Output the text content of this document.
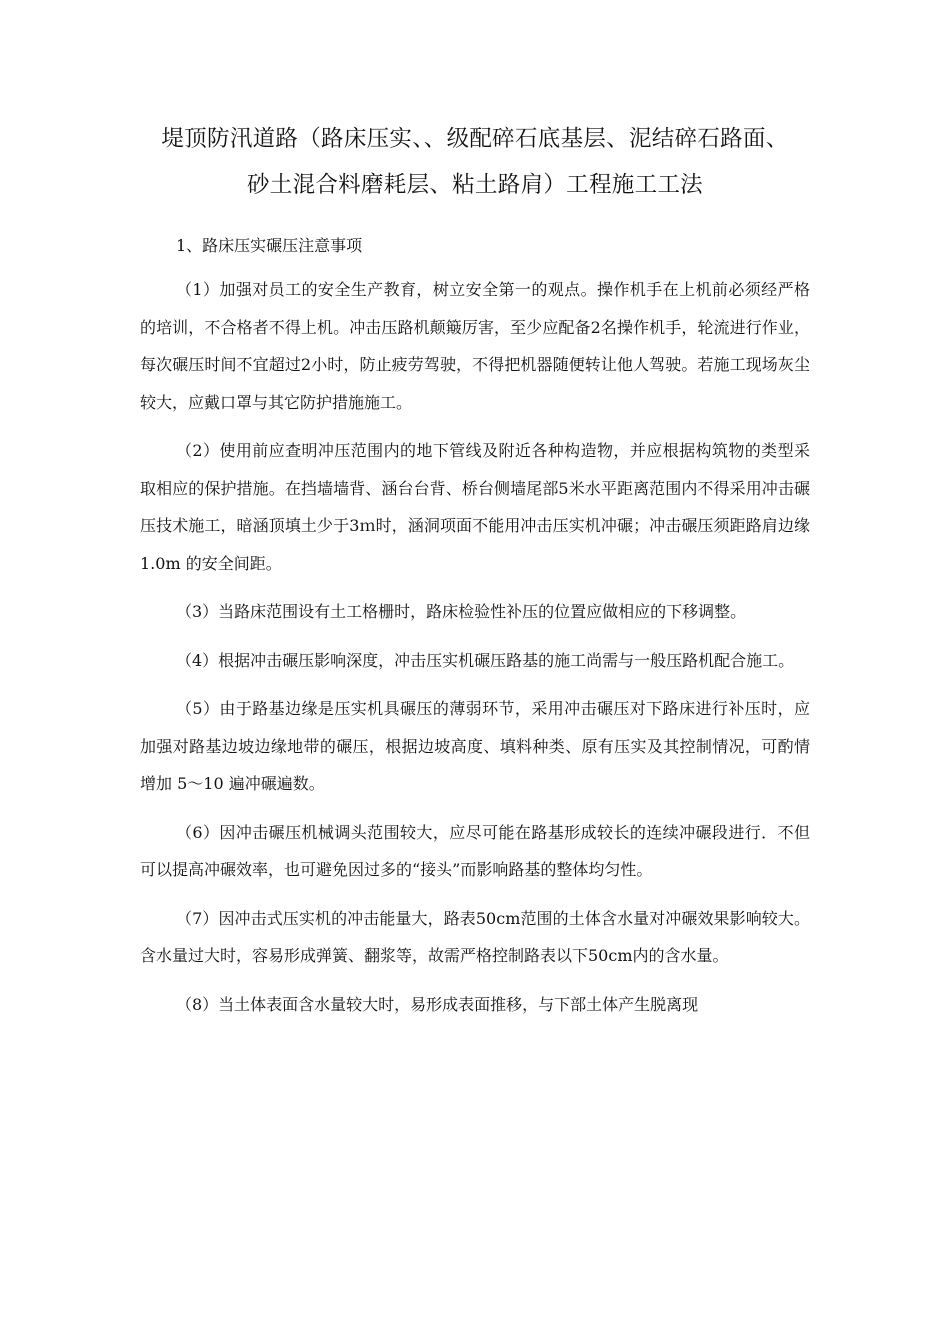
堤顶防汛道路（路床压实、、级配碎石底基层、泥结碎石路面、
砂土混合料磨耗层、粘土路肩）工程施工工法

1、路床压实碾压注意事项

（1）加强对员工的安全生产教育，树立安全第一的观点。操作机手在上机前必须经严格的培训，不合格者不得上机。冲击压路机颠簸厉害，至少应配备2名操作机手，轮流进行作业，每次碾压时间不宜超过2小时，防止疲劳驾驶，不得把机器随便转让他人驾驶。若施工现场灰尘较大，应戴口罩与其它防护措施施工。

（2）使用前应查明冲压范围内的地下管线及附近各种构造物，并应根据构筑物的类型采取相应的保护措施。在挡墙墙背、涵台台背、桥台侧墙尾部5米水平距离范围内不得采用冲击碾压技术施工，暗涵顶填土少于3ｍ时，涵洞项面不能用冲击压实机冲碾；冲击碾压须距路肩边缘 1.0m 的安全间距。

（3）当路床范围设有土工格栅时，路床检验性补压的位置应做相应的下移调整。

（4）根据冲击碾压影响深度，冲击压实机碾压路基的施工尚需与一般压路机配合施工。

（5）由于路基边缘是压实机具碾压的薄弱环节，采用冲击碾压对下路床进行补压时，应加强对路基边坡边缘地带的碾压，根据边坡高度、填料种类、原有压实及其控制情况，可酌情增加 5～10 遍冲碾遍数。

（6）因冲击碾压机械调头范围较大，应尽可能在路基形成较长的连续冲碾段进行．不但可以提高冲碾效率，也可避免因过多的“接头”而影响路基的整体均匀性。

（7）因冲击式压实机的冲击能量大，路表50cm范围的土体含水量对冲碾效果影响较大。含水量过大时，容易形成弹簧、翻浆等，故需严格控制路表以下50cm内的含水量。

（8）当土体表面含水量较大时，易形成表面推移，与下部土体产生脱离现
